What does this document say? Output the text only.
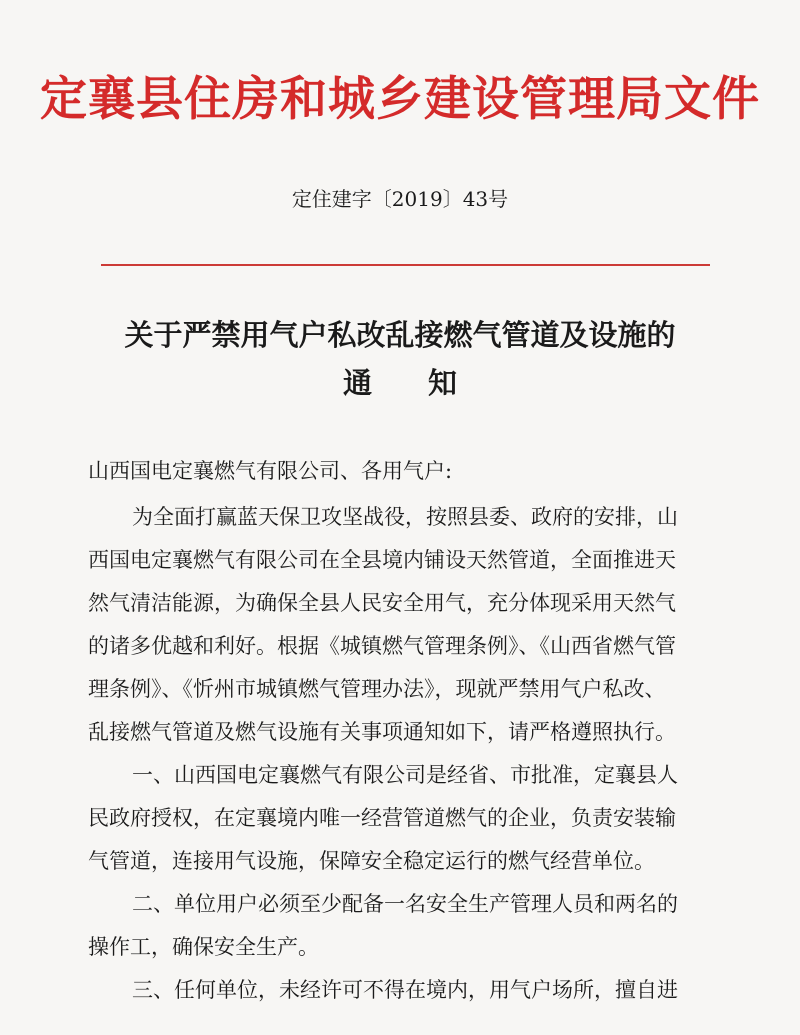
定襄县住房和城乡建设管理局文件
定住建字〔2019〕43号
关于严禁用气户私改乱接燃气管道及设施的
通 知
山西国电定襄燃气有限公司、各用气户:
为全面打赢蓝天保卫攻坚战役，按照县委、政府的安排，山
西国电定襄燃气有限公司在全县境内铺设天然管道，全面推进天
然气清洁能源，为确保全县人民安全用气，充分体现采用天然气
的诸多优越和利好。根据《城镇燃气管理条例》、《山西省燃气管
理条例》、《忻州市城镇燃气管理办法》，现就严禁用气户私改、
乱接燃气管道及燃气设施有关事项通知如下，请严格遵照执行。
一、山西国电定襄燃气有限公司是经省、市批准，定襄县人
民政府授权，在定襄境内唯一经营管道燃气的企业，负责安装输
气管道，连接用气设施，保障安全稳定运行的燃气经营单位。
二、单位用户必须至少配备一名安全生产管理人员和两名的
操作工，确保安全生产。
三、任何单位，未经许可不得在境内，用气户场所，擅自进
